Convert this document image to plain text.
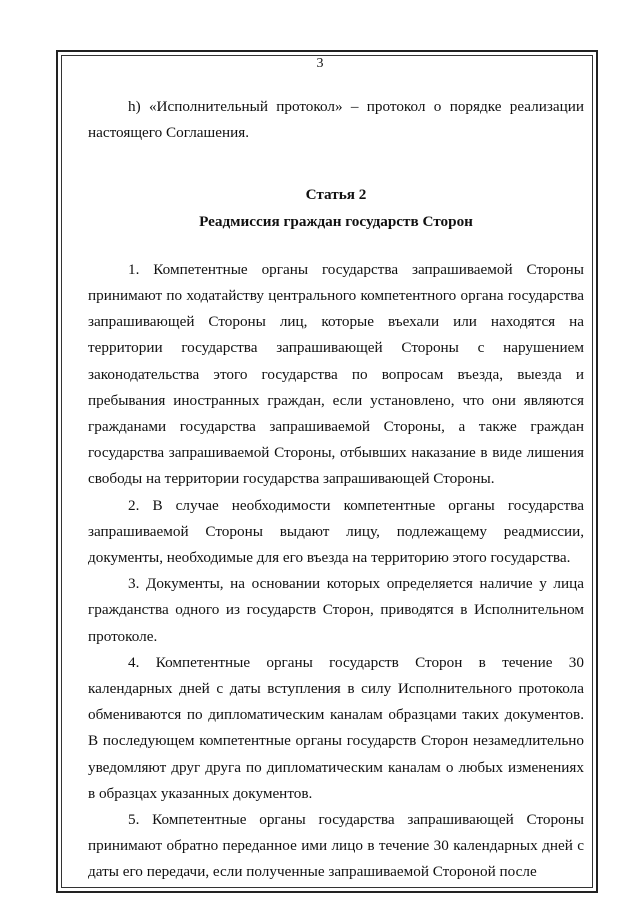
3

h) «Исполнительный протокол» – протокол о порядке реализации настоящего Соглашения.

Статья 2

Реадмиссия граждан государств Сторон

1. Компетентные органы государства запрашиваемой Стороны принимают по ходатайству центрального компетентного органа государства запрашивающей Стороны лиц, которые въехали или находятся на территории государства запрашивающей Стороны с нарушением законодательства этого государства по вопросам въезда, выезда и пребывания иностранных граждан, если установлено, что они являются гражданами государства запрашиваемой Стороны, а также граждан государства запрашиваемой Стороны, отбывших наказание в виде лишения свободы на территории государства запрашивающей Стороны.

2. В случае необходимости компетентные органы государства запрашиваемой Стороны выдают лицу, подлежащему реадмиссии, документы, необходимые для его въезда на территорию этого государства.

3. Документы, на основании которых определяется наличие у лица гражданства одного из государств Сторон, приводятся в Исполнительном протоколе.

4. Компетентные органы государств Сторон в течение 30 календарных дней с даты вступления в силу Исполнительного протокола обмениваются по дипломатическим каналам образцами таких документов. В последующем компетентные органы государств Сторон незамедлительно уведомляют друг друга по дипломатическим каналам о любых изменениях в образцах указанных документов.

5. Компетентные органы государства запрашивающей Стороны принимают обратно переданное ими лицо в течение 30 календарных дней с даты его передачи, если полученные запрашиваемой Стороной после
